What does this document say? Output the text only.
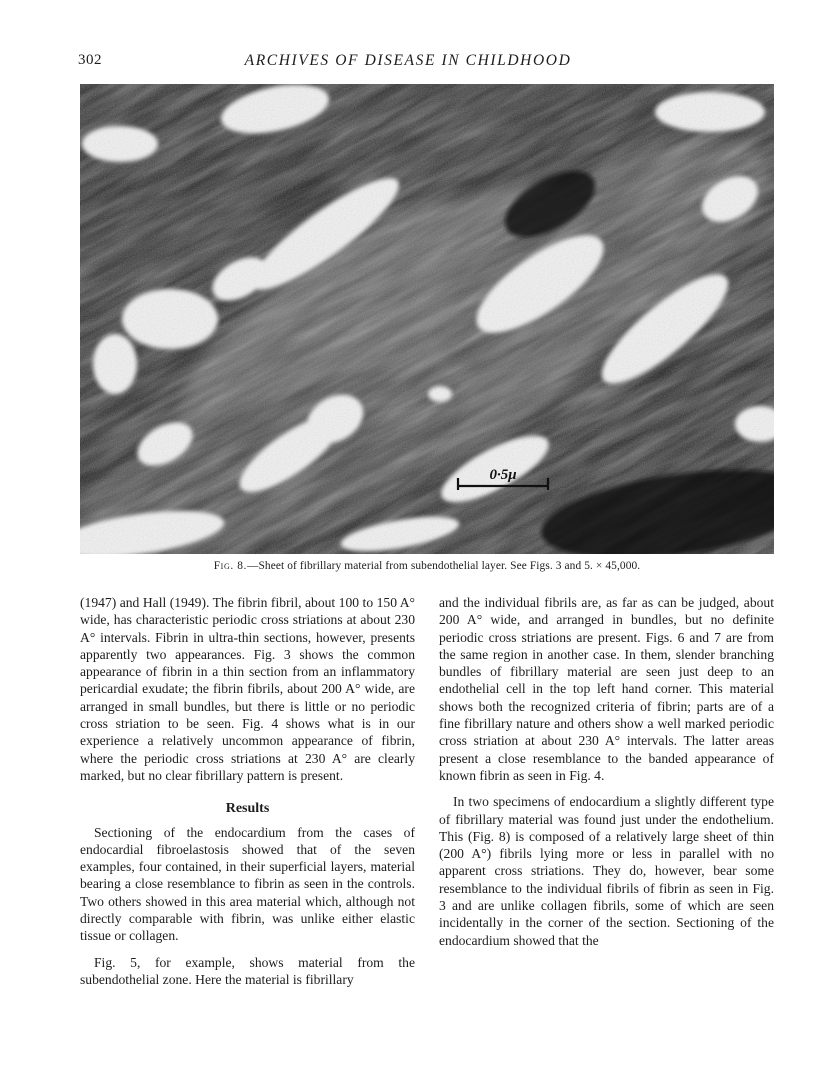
302	ARCHIVES OF DISEASE IN CHILDHOOD
0·5μ
Fig. 8.—Sheet of fibrillary material from subendothelial layer. See Figs. 3 and 5. × 45,000.

(1947) and Hall (1949). The fibrin fibril, about 100 to 150 A° wide, has characteristic periodic cross striations at about 230 A° intervals. Fibrin in ultra-thin sections, however, presents apparently two appearances. Fig. 3 shows the common appearance of fibrin in a thin section from an inflammatory pericardial exudate; the fibrin fibrils, about 200 A° wide, are arranged in small bundles, but there is little or no periodic cross striation to be seen. Fig. 4 shows what is in our experience a relatively uncommon appearance of fibrin, where the periodic cross striations at 230 A° are clearly marked, but no clear fibrillary pattern is present.

Results

Sectioning of the endocardium from the cases of endocardial fibroelastosis showed that of the seven examples, four contained, in their superficial layers, material bearing a close resemblance to fibrin as seen in the controls. Two others showed in this area material which, although not directly comparable with fibrin, was unlike either elastic tissue or collagen.

Fig. 5, for example, shows material from the subendothelial zone. Here the material is fibrillary

and the individual fibrils are, as far as can be judged, about 200 A° wide, and arranged in bundles, but no definite periodic cross striations are present. Figs. 6 and 7 are from the same region in another case. In them, slender branching bundles of fibrillary material are seen just deep to an endothelial cell in the top left hand corner. This material shows both the recognized criteria of fibrin; parts are of a fine fibrillary nature and others show a well marked periodic cross striation at about 230 A° intervals. The latter areas present a close resemblance to the banded appearance of known fibrin as seen in Fig. 4.

In two specimens of endocardium a slightly different type of fibrillary material was found just under the endothelium. This (Fig. 8) is composed of a relatively large sheet of thin (200 A°) fibrils lying more or less in parallel with no apparent cross striations. They do, however, bear some resemblance to the individual fibrils of fibrin as seen in Fig. 3 and are unlike collagen fibrils, some of which are seen incidentally in the corner of the section. Sectioning of the endocardium showed that the
